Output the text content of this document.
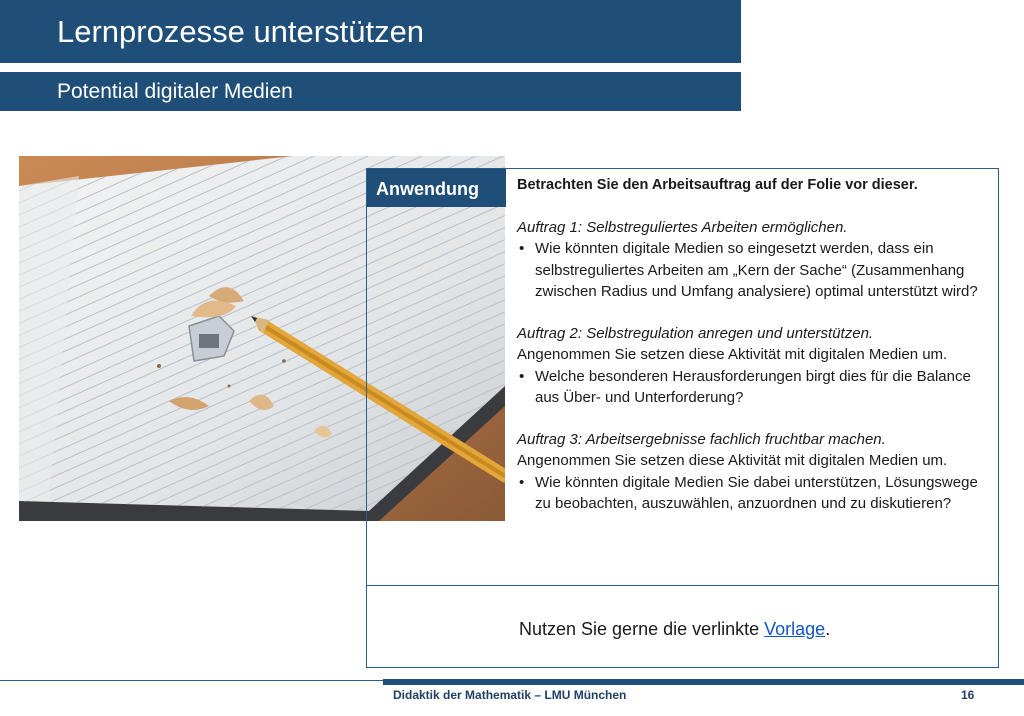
Lernprozesse unterstützen
Potential digitaler Medien
Anwendung	Betrachten Sie den Arbeitsauftrag auf der Folie vor dieser.

Auftrag 1: Selbstreguliertes Arbeiten ermöglichen.

• Wie könnten digitale Medien so eingesetzt werden, dass ein selbstreguliertes Arbeiten am „Kern der Sache“ (Zusammenhang zwischen Radius und Umfang analysiere) optimal unterstützt wird?

Auftrag 2: Selbstregulation anregen und unterstützen.

Angenommen Sie setzen diese Aktivität mit digitalen Medien um.

• Welche besonderen Herausforderungen birgt dies für die Balance aus Über- und Unterforderung?

Auftrag 3: Arbeitsergebnisse fachlich fruchtbar machen.

Angenommen Sie setzen diese Aktivität mit digitalen Medien um.

• Wie könnten digitale Medien Sie dabei unterstützen, Lösungswege zu beobachten, auszuwählen, anzuordnen und zu diskutieren?
Nutzen Sie gerne die verlinkte Vorlage.
Didaktik der Mathematik – LMU München	16
